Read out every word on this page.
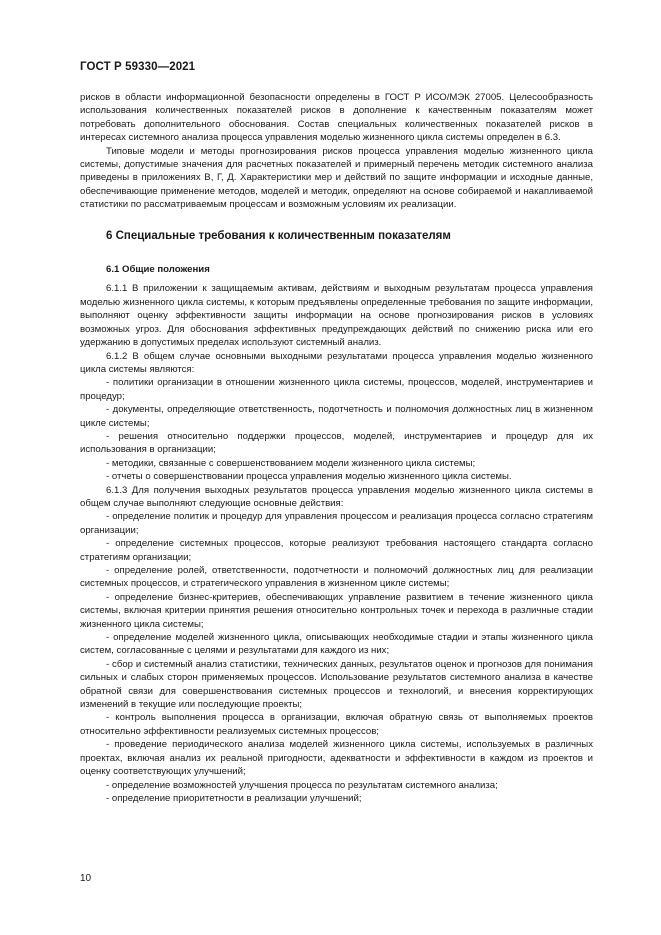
ГОСТ Р 59330—2021

рисков в области информационной безопасности определены в ГОСТ Р ИСО/МЭК 27005. Целесообразность использования количественных показателей рисков в дополнение к качественным показателям может потребовать дополнительного обоснования. Состав специальных количественных показателей рисков в интересах системного анализа процесса управления моделью жизненного цикла системы определен в 6.3.

Типовые модели и методы прогнозирования рисков процесса управления моделью жизненного цикла системы, допустимые значения для расчетных показателей и примерный перечень методик системного анализа приведены в приложениях В, Г, Д. Характеристики мер и действий по защите информации и исходные данные, обеспечивающие применение методов, моделей и методик, определяют на основе собираемой и накапливаемой статистики по рассматриваемым процессам и возможным условиям их реализации.

6 Специальные требования к количественным показателям
6.1 Общие положения

6.1.1 В приложении к защищаемым активам, действиям и выходным результатам процесса управления моделью жизненного цикла системы, к которым предъявлены определенные требования по защите информации, выполняют оценку эффективности защиты информации на основе прогнозирования рисков в условиях возможных угроз. Для обоснования эффективных предупреждающих действий по снижению риска или его удержанию в допустимых пределах используют системный анализ.

6.1.2 В общем случае основными выходными результатами процесса управления моделью жизненного цикла системы являются:

- политики организации в отношении жизненного цикла системы, процессов, моделей, инструментариев и процедур;

- документы, определяющие ответственность, подотчетность и полномочия должностных лиц в жизненном цикле системы;

- решения относительно поддержки процессов, моделей, инструментариев и процедур для их использования в организации;

- методики, связанные с совершенствованием модели жизненного цикла системы;

- отчеты о совершенствовании процесса управления моделью жизненного цикла системы.

6.1.3 Для получения выходных результатов процесса управления моделью жизненного цикла системы в общем случае выполняют следующие основные действия:

- определение политик и процедур для управления процессом и реализация процесса согласно стратегиям организации;

- определение системных процессов, которые реализуют требования настоящего стандарта согласно стратегиям организации;

- определение ролей, ответственности, подотчетности и полномочий должностных лиц для реализации системных процессов, и стратегического управления в жизненном цикле системы;

- определение бизнес-критериев, обеспечивающих управление развитием в течение жизненного цикла системы, включая критерии принятия решения относительно контрольных точек и перехода в различные стадии жизненного цикла системы;

- определение моделей жизненного цикла, описывающих необходимые стадии и этапы жизненного цикла систем, согласованные с целями и результатами для каждого из них;

- сбор и системный анализ статистики, технических данных, результатов оценок и прогнозов для понимания сильных и слабых сторон применяемых процессов. Использование результатов системного анализа в качестве обратной связи для совершенствования системных процессов и технологий, и внесения корректирующих изменений в текущие или последующие проекты;

- контроль выполнения процесса в организации, включая обратную связь от выполняемых проектов относительно эффективности реализуемых системных процессов;

- проведение периодического анализа моделей жизненного цикла системы, используемых в различных проектах, включая анализ их реальной пригодности, адекватности и эффективности в каждом из проектов и оценку соответствующих улучшений;

- определение возможностей улучшения процесса по результатам системного анализа;

- определение приоритетности в реализации улучшений;

10
